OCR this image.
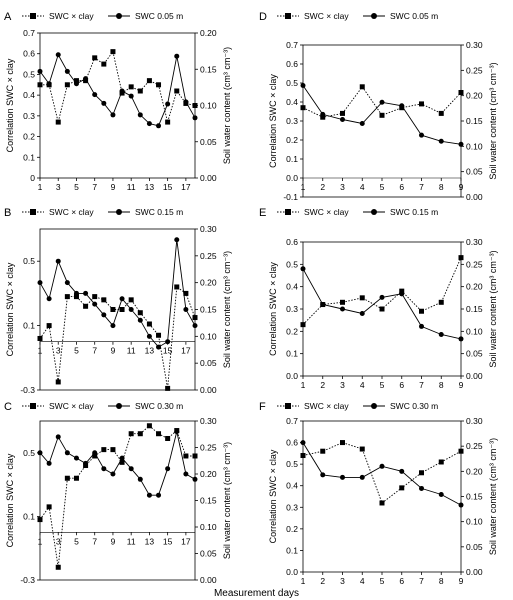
A	SWC × clay	SWC 0.05 m
0
0.1
0.2
0.3
0.4
0.5
0.6
0.7
0.00
0.05
0.10
0.15
0.20
1 3 5 7 9 11 13 15 17
Correlation SWC × clay	Soil water content (cm³ cm⁻³)
B	SWC × clay	SWC 0.15 m
-0.3
0.1
0.5
0.00
0.05
0.10
0.15
0.20
0.25
0.30
1 3 5 7 9 11 13 15 17
Correlation SWC × clay	Soil water content (cm³ cm⁻³)
C	SWC × clay	SWC 0.30 m
-0.3
0.1
0.5
0.00
0.05
0.10
0.15
0.20
0.25
0.30
1 3 5 7 9 11 13 15 17
Correlation SWC × clay	Soil water content (cm³ cm⁻³)
D	SWC × clay	SWC 0.05 m
-0.1
0.0
0.1
0.2
0.3
0.4
0.5
0.6
0.7
0.00
0.05
0.10
0.15
0.20
0.25
0.30
1 2 3 4 5 6 7 8 9
Correlation SWC × clay	Soil water content (cm³ cm⁻³)
E	SWC × clay	SWC 0.15 m
0.0
0.1
0.2
0.3
0.4
0.5
0.6
0.00
0.05
0.10
0.15
0.20
0.25
0.30
1 2 3 4 5 6 7 8 9
Correlation SWC × clay	Soil water content (cm³ cm⁻³)
F	SWC × clay	SWC 0.30 m
0.0
0.1
0.2
0.3
0.4
0.5
0.6
0.7
0.00
0.05
0.10
0.15
0.20
0.25
0.30
1 2 3 4 5 6 7 8 9
Correlation SWC × clay	Soil water content (cm³ cm⁻³)
Measurement days
